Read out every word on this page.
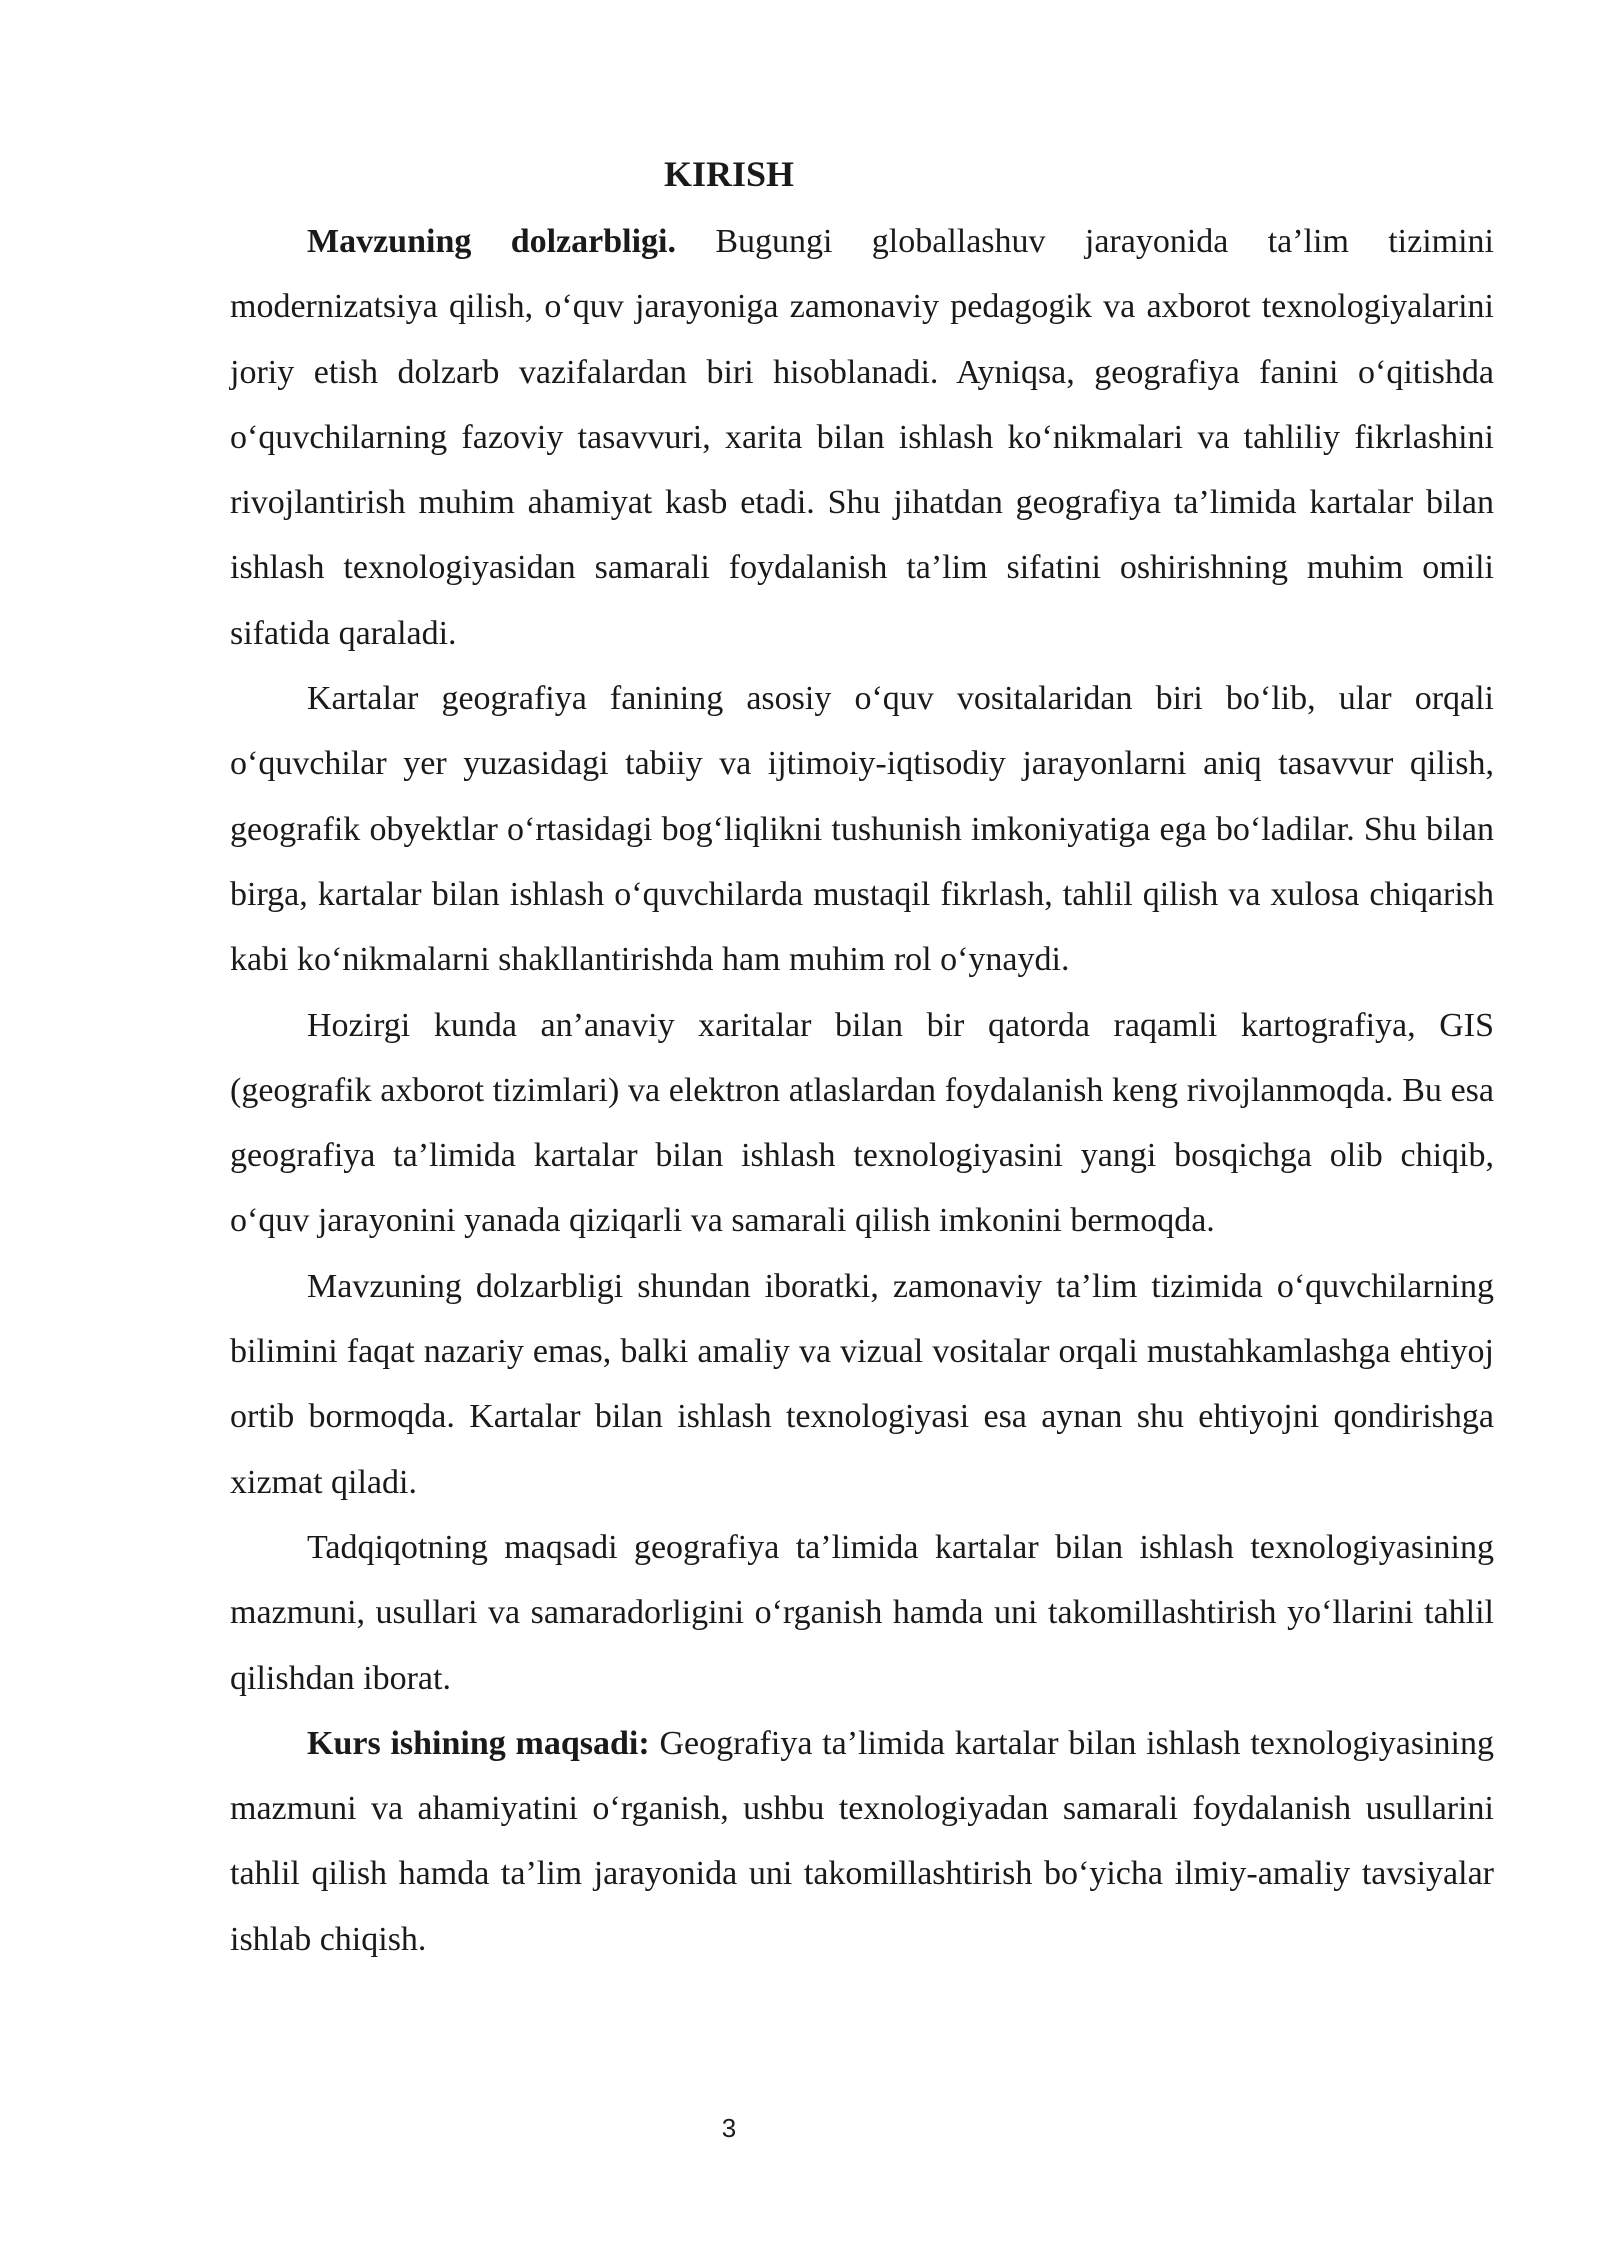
KIRISH

Mavzuning dolzarbligi. Bugungi globallashuv jarayonida ta’lim tizimini modernizatsiya qilish, o‘quv jarayoniga zamonaviy pedagogik va axborot texnologiyalarini joriy etish dolzarb vazifalardan biri hisoblanadi. Ayniqsa, geografiya fanini o‘qitishda o‘quvchilarning fazoviy tasavvuri, xarita bilan ishlash ko‘nikmalari va tahliliy fikrlashini rivojlantirish muhim ahamiyat kasb etadi. Shu jihatdan geografiya ta’limida kartalar bilan ishlash texnologiyasidan samarali foydalanish ta’lim sifatini oshirishning muhim omili sifatida qaraladi.

Kartalar geografiya fanining asosiy o‘quv vositalaridan biri bo‘lib, ular orqali o‘quvchilar yer yuzasidagi tabiiy va ijtimoiy-iqtisodiy jarayonlarni aniq tasavvur qilish, geografik obyektlar o‘rtasidagi bog‘liqlikni tushunish imkoniyatiga ega bo‘ladilar. Shu bilan birga, kartalar bilan ishlash o‘quvchilarda mustaqil fikrlash, tahlil qilish va xulosa chiqarish kabi ko‘nikmalarni shakllantirishda ham muhim rol o‘ynaydi.

Hozirgi kunda an’anaviy xaritalar bilan bir qatorda raqamli kartografiya, GIS (geografik axborot tizimlari) va elektron atlaslardan foydalanish keng rivojlanmoqda. Bu esa geografiya ta’limida kartalar bilan ishlash texnologiyasini yangi bosqichga olib chiqib, o‘quv jarayonini yanada qiziqarli va samarali qilish imkonini bermoqda.

Mavzuning dolzarbligi shundan iboratki, zamonaviy ta’lim tizimida o‘quvchilarning bilimini faqat nazariy emas, balki amaliy va vizual vositalar orqali mustahkamlashga ehtiyoj ortib bormoqda. Kartalar bilan ishlash texnologiyasi esa aynan shu ehtiyojni qondirishga xizmat qiladi.

Tadqiqotning maqsadi geografiya ta’limida kartalar bilan ishlash texnologiyasining mazmuni, usullari va samaradorligini o‘rganish hamda uni takomillashtirish yo‘llarini tahlil qilishdan iborat.

Kurs ishining maqsadi: Geografiya ta’limida kartalar bilan ishlash texnologiyasining mazmuni va ahamiyatini o‘rganish, ushbu texnologiyadan samarali foydalanish usullarini tahlil qilish hamda ta’lim jarayonida uni takomillashtirish bo‘yicha ilmiy-amaliy tavsiyalar ishlab chiqish.

3
